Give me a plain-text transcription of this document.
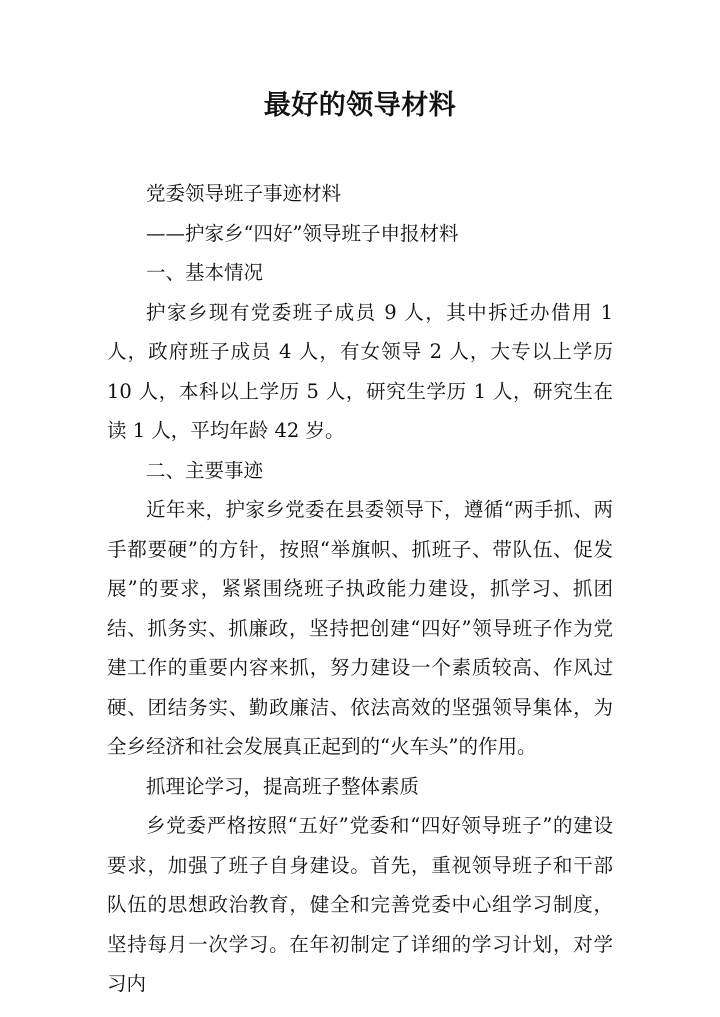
最好的领导材料

党委领导班子事迹材料

——护家乡“四好”领导班子申报材料

一、基本情况

护家乡现有党委班子成员 9 人，其中拆迁办借用 1 人，政府班子成员 4 人，有女领导 2 人，大专以上学历 10 人，本科以上学历 5 人，研究生学历 1 人，研究生在读 1 人，平均年龄 42 岁。

二、主要事迹

近年来，护家乡党委在县委领导下，遵循“两手抓、两手都要硬”的方针，按照“举旗帜、抓班子、带队伍、促发展”的要求，紧紧围绕班子执政能力建设，抓学习、抓团结、抓务实、抓廉政，坚持把创建“四好”领导班子作为党建工作的重要内容来抓，努力建设一个素质较高、作风过硬、团结务实、勤政廉洁、依法高效的坚强领导集体，为全乡经济和社会发展真正起到的“火车头”的作用。

抓理论学习，提高班子整体素质

乡党委严格按照“五好”党委和“四好领导班子”的建设要求，加强了班子自身建设。首先，重视领导班子和干部队伍的思想政治教育，健全和完善党委中心组学习制度，坚持每月一次学习。在年初制定了详细的学习计划，对学习内
